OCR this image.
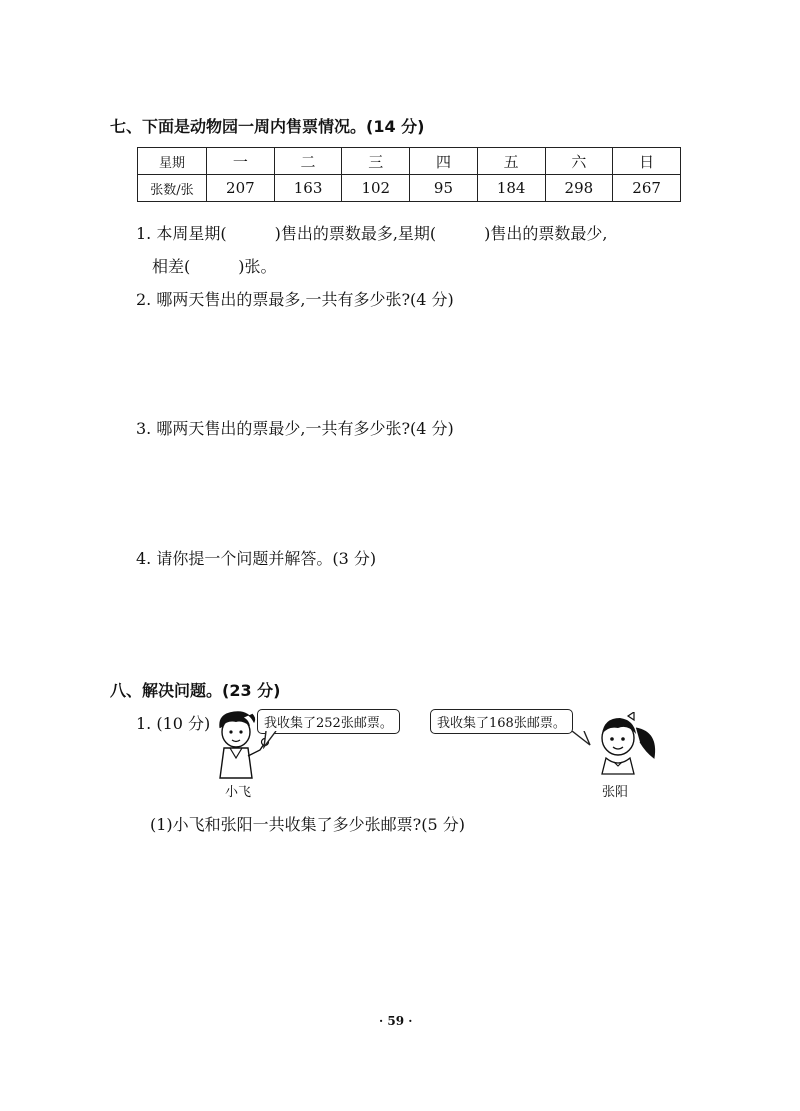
七、下面是动物园一周内售票情况。(14 分)
星期	一	二	三	四	五	六	日
张数/张	207	163	102	95	184	298	267
1. 本周星期(　　　)售出的票数最多,星期(　　　)售出的票数最少,
相差(　　　)张。
2. 哪两天售出的票最多,一共有多少张?(4 分)
3. 哪两天售出的票最少,一共有多少张?(4 分)
4. 请你提一个问题并解答。(3 分)
八、解决问题。(23 分)
1. (10 分)	我收集了252张邮票。	我收集了168张邮票。
小飞	张阳
(1)小飞和张阳一共收集了多少张邮票?(5 分)
· 59 ·
